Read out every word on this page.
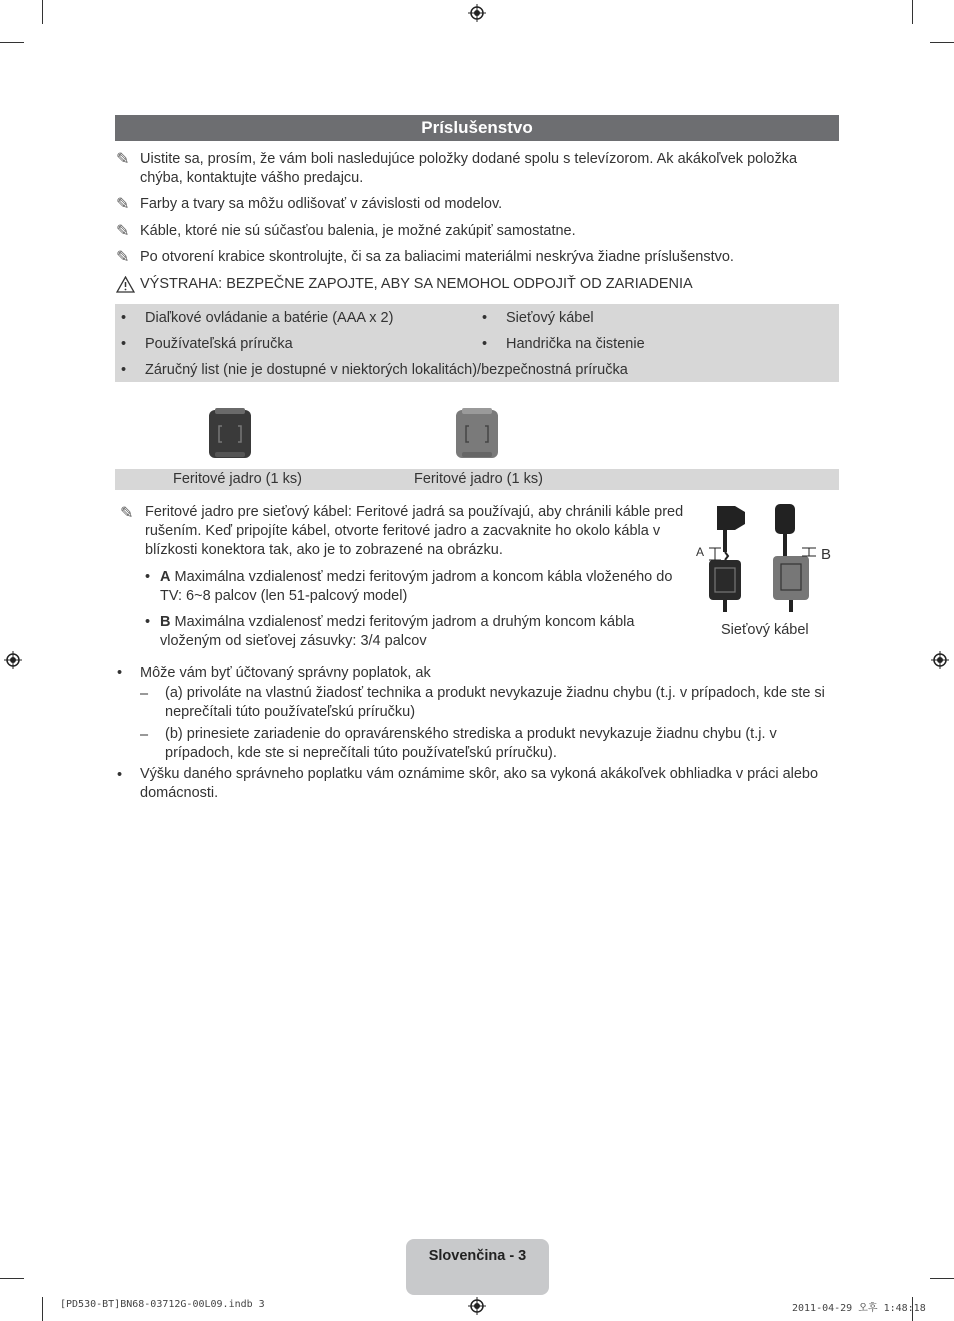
Príslušenstvo
✎ Uistite sa, prosím, že vám boli nasledujúce položky dodané spolu s televízorom. Ak akákoľvek položka chýba, kontaktujte vášho predajcu.
✎ Farby a tvary sa môžu odlišovať v závislosti od modelov.
✎ Káble, ktoré nie sú súčasťou balenia, je možné zakúpiť samostatne.
✎ Po otvorení krabice skontrolujte, či sa za baliacimi materiálmi neskrýva žiadne príslušenstvo.
VÝSTRAHA: BEZPEČNE ZAPOJTE, ABY SA NEMOHOL ODPOJIŤ OD ZARIADENIA
• Diaľkové ovládanie a batérie (AAA x 2)
• Používateľská príručka
• Sieťový kábel
• Handrička na čistenie
• Záručný list (nie je dostupné v niektorých lokalitách)/bezpečnostná príručka
Feritové jadro (1 ks)	Feritové jadro (1 ks)
✎ Feritové jadro pre sieťový kábel: Feritové jadrá sa používajú, aby chránili káble pred rušením. Keď pripojíte kábel, otvorte feritové jadro a zacvaknite ho okolo kábla v blízkosti konektora tak, ako je to zobrazené na obrázku.
• A Maximálna vzdialenosť medzi feritovým jadrom a koncom kábla vloženého do TV: 6~8 palcov (len 51-palcový model)
• B Maximálna vzdialenosť medzi feritovým jadrom a druhým koncom kábla vloženým od sieťovej zásuvky: 3/4 palcov
A	B
Sieťový kábel
• Môže vám byť účtovaný správny poplatok, ak
– (a) privoláte na vlastnú žiadosť technika a produkt nevykazuje žiadnu chybu (t.j. v prípadoch, kde ste si neprečítali túto používateľskú príručku)
– (b) prinesiete zariadenie do opravárenského strediska a produkt nevykazuje žiadnu chybu (t.j. v prípadoch, kde ste si neprečítali túto používateľskú príručku).
• Výšku daného správneho poplatku vám oznámime skôr, ako sa vykoná akákoľvek obhliadka v práci alebo domácnosti.
Slovenčina - 3
[PD530-BT]BN68-03712G-00L09.indb 3	2011-04-29 오후 1:48:18
